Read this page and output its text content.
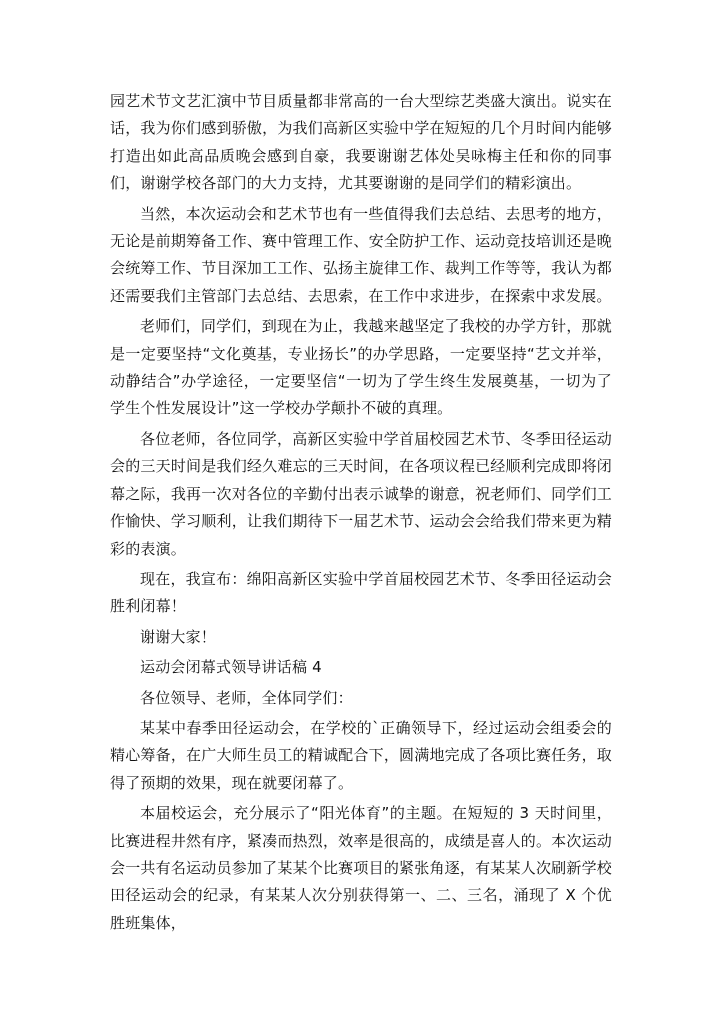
园艺术节文艺汇演中节目质量都非常高的一台大型综艺类盛大演出。说实在话，我为你们感到骄傲，为我们高新区实验中学在短短的几个月时间内能够打造出如此高品质晚会感到自豪，我要谢谢艺体处吴咏梅主任和你的同事们，谢谢学校各部门的大力支持，尤其要谢谢的是同学们的精彩演出。

当然，本次运动会和艺术节也有一些值得我们去总结、去思考的地方，无论是前期筹备工作、赛中管理工作、安全防护工作、运动竞技培训还是晚会统筹工作、节目深加工工作、弘扬主旋律工作、裁判工作等等，我认为都还需要我们主管部门去总结、去思索，在工作中求进步，在探索中求发展。

老师们，同学们，到现在为止，我越来越坚定了我校的办学方针，那就是一定要坚持“文化奠基，专业扬长”的办学思路，一定要坚持“艺文并举，动静结合”办学途径，一定要坚信“一切为了学生终生发展奠基，一切为了学生个性发展设计”这一学校办学颠扑不破的真理。

各位老师，各位同学，高新区实验中学首届校园艺术节、冬季田径运动会的三天时间是我们经久难忘的三天时间，在各项议程已经顺利完成即将闭幕之际，我再一次对各位的辛勤付出表示诚挚的谢意，祝老师们、同学们工作愉快、学习顺利，让我们期待下一届艺术节、运动会会给我们带来更为精彩的表演。

现在，我宣布：绵阳高新区实验中学首届校园艺术节、冬季田径运动会胜利闭幕！

谢谢大家！

运动会闭幕式领导讲话稿 4

各位领导、老师，全体同学们：

某某中春季田径运动会，在学校的`正确领导下，经过运动会组委会的精心筹备，在广大师生员工的精诚配合下，圆满地完成了各项比赛任务，取得了预期的效果，现在就要闭幕了。

本届校运会，充分展示了“阳光体育”的主题。在短短的 3 天时间里，比赛进程井然有序，紧凑而热烈，效率是很高的，成绩是喜人的。本次运动会一共有名运动员参加了某某个比赛项目的紧张角逐，有某某人次刷新学校田径运动会的纪录，有某某人次分别获得第一、二、三名，涌现了 X 个优胜班集体，
